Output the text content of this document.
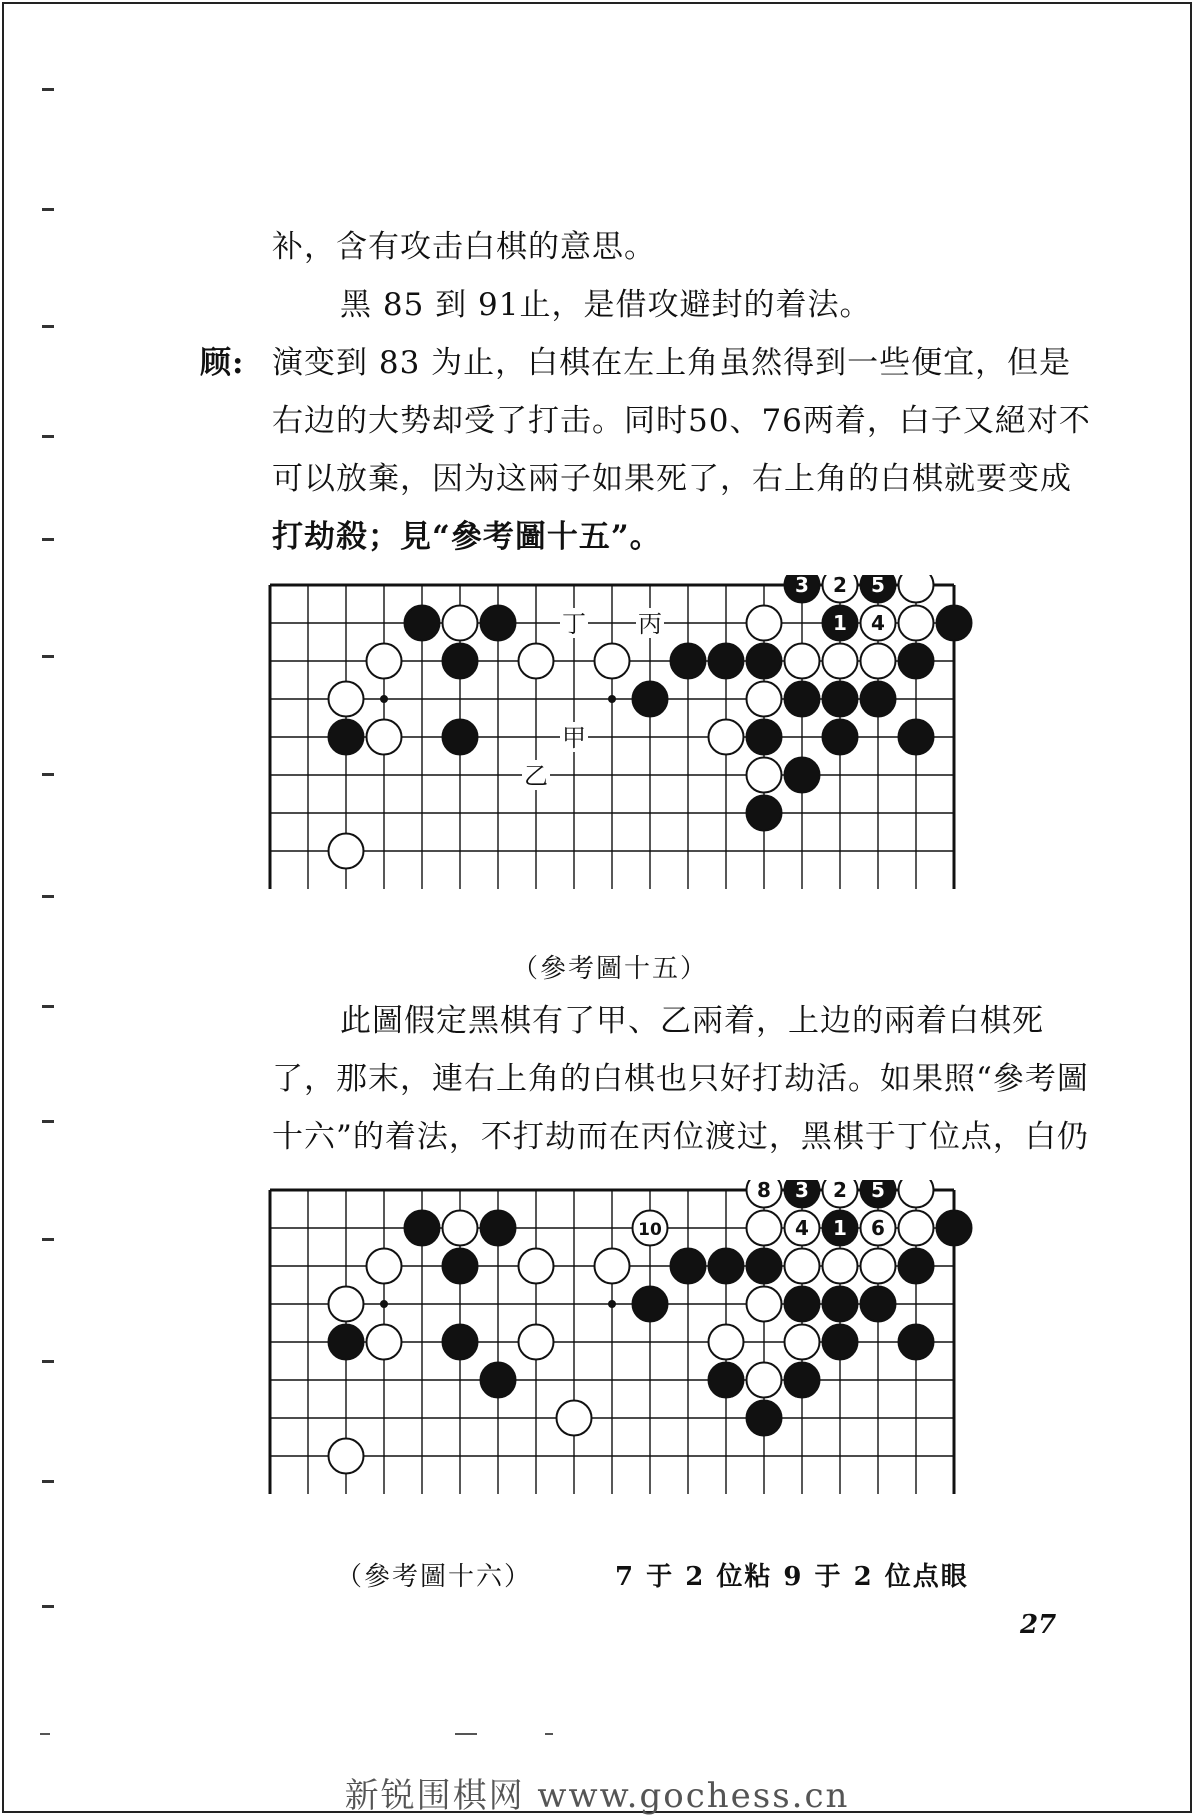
补，含有攻击白棋的意思。
黑 85 到 91止，是借攻避封的着法。
顾: 演变到 83 为止，白棋在左上角虽然得到一些便宜，但是
右边的大势却受了打击。同时50、76两着，白子又絕对不
可以放棄，因为这兩子如果死了，右上角的白棋就要变成
打劫殺；見“參考圖十五”。
丁 丙
甲
乙
3 2 5
1 4
（參考圖十五）
此圖假定黑棋有了甲、乙兩着，上边的兩着白棋死
了，那末，連右上角的白棋也只好打劫活。如果照“參考圖
十六”的着法，不打劫而在丙位渡过，黑棋于丁位点，白仍
8 3 2 5
10	4 1 6
（參考圖十六）	7 于 2 位粘 9 于 2 位点眼
27
新锐围棋网 www.gochess.cn
